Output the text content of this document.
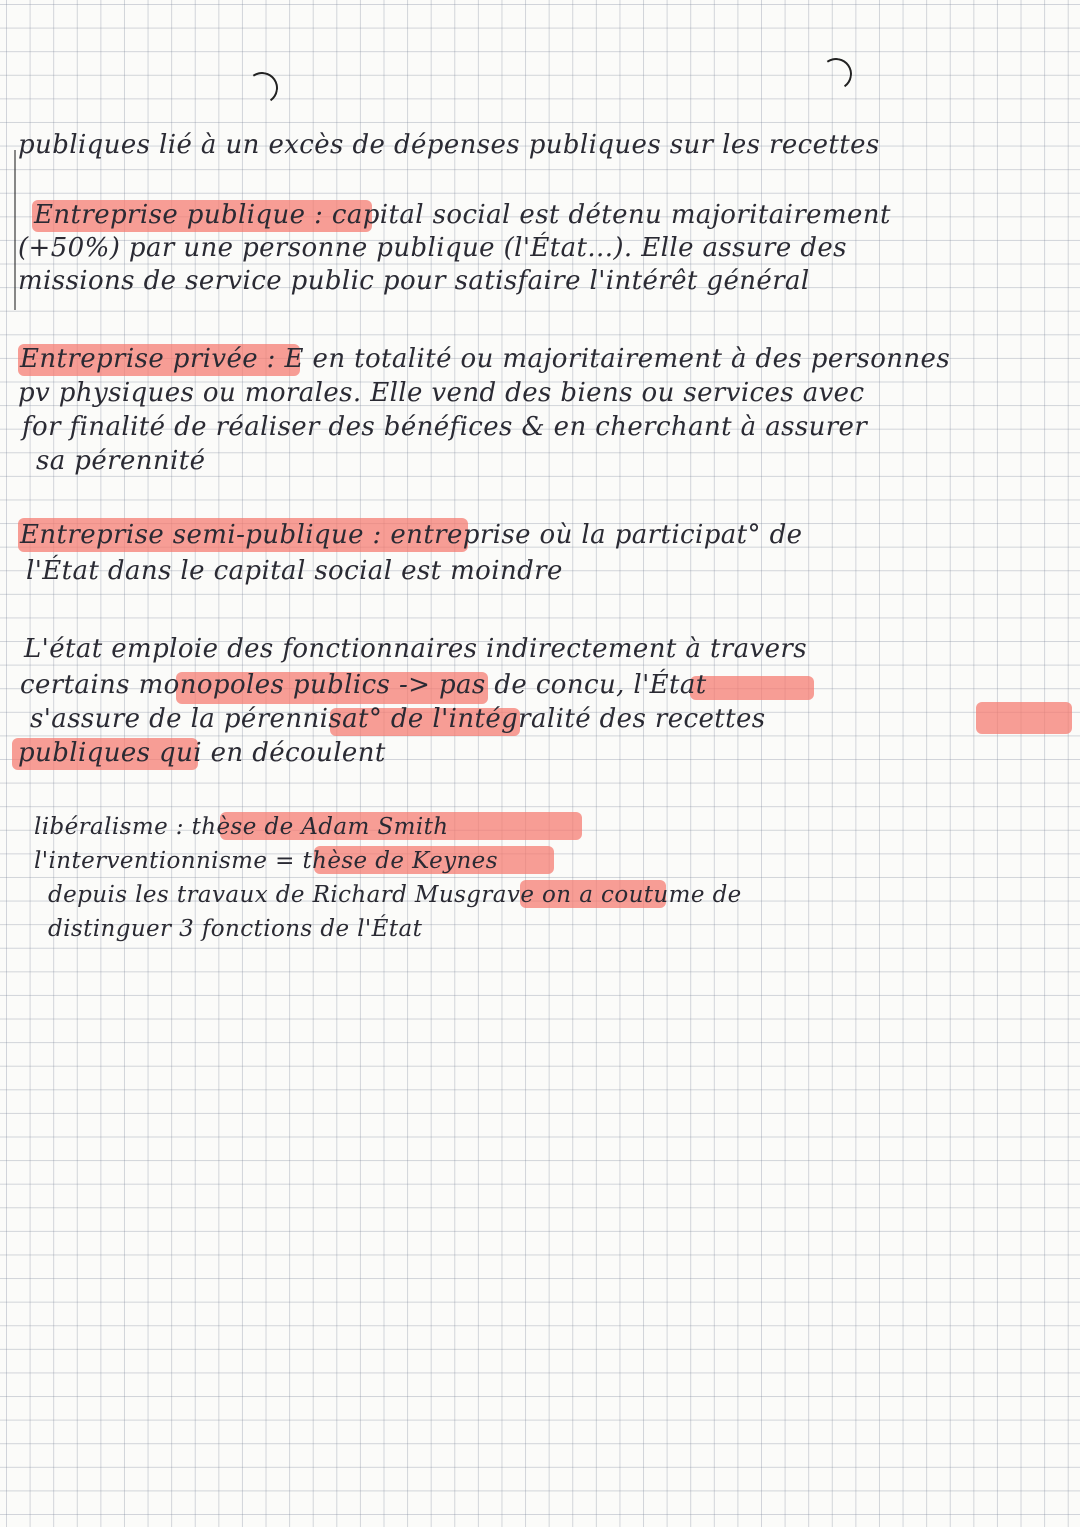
publiques lié à un excès de dépenses publiques sur les recettes
Entreprise publique : capital social est détenu majoritairement
(+50%) par une personne publique (l'État...). Elle assure des
missions de service public pour satisfaire l'intérêt général
Entreprise privée : E en totalité ou majoritairement à des personnes
pv physiques ou morales. Elle vend des biens ou services avec
for finalité de réaliser des bénéfices & en cherchant à assurer
sa pérennité
Entreprise semi-publique : entreprise où la participat° de
l'État dans le capital social est moindre
L'état emploie des fonctionnaires indirectement à travers
certains monopoles publics -> pas de concu, l'État
s'assure de la pérennisat° de l'intégralité des recettes
publiques qui en découlent
libéralisme : thèse de Adam Smith
l'interventionnisme = thèse de Keynes
depuis les travaux de Richard Musgrave on a coutume de
distinguer 3 fonctions de l'État
